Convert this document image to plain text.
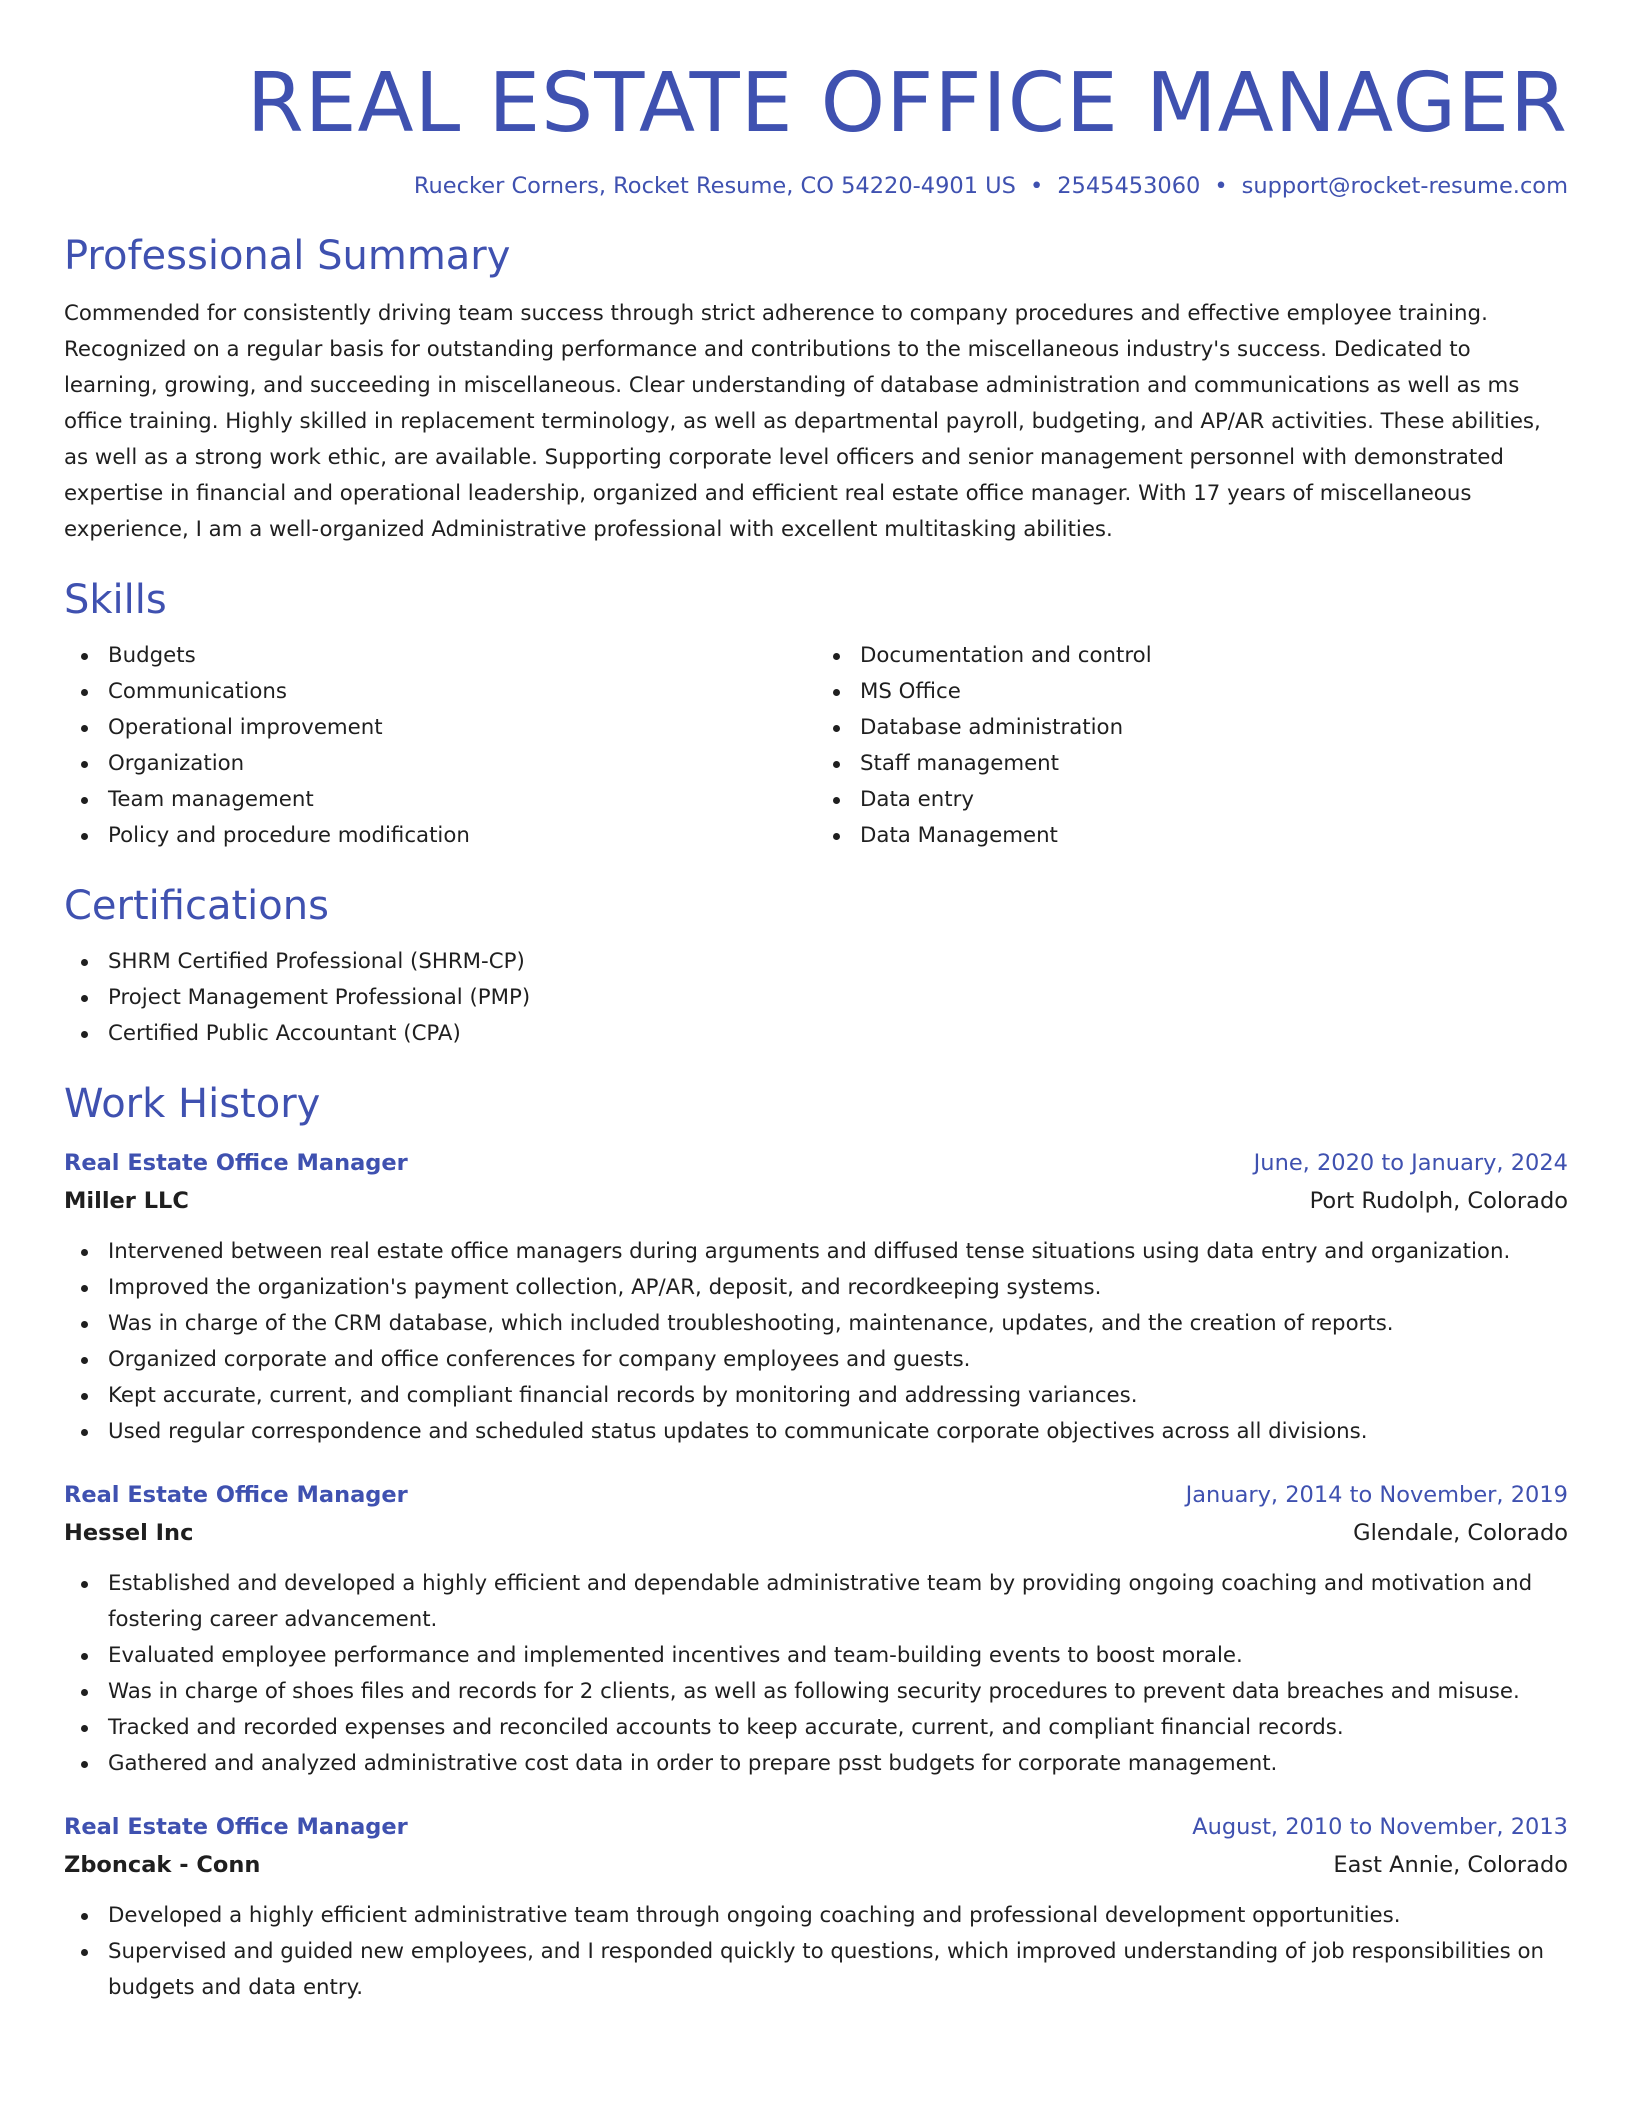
REAL ESTATE OFFICE MANAGER
Ruecker Corners, Rocket Resume, CO 54220-4901 US • 2545453060 • support@rocket-resume.com
Professional Summary
Commended for consistently driving team success through strict adherence to company procedures and effective employee training. Recognized on a regular basis for outstanding performance and contributions to the miscellaneous industry's success. Dedicated to learning, growing, and succeeding in miscellaneous. Clear understanding of database administration and communications as well as ms office training. Highly skilled in replacement terminology, as well as departmental payroll, budgeting, and AP/AR activities. These abilities, as well as a strong work ethic, are available. Supporting corporate level officers and senior management personnel with demonstrated expertise in financial and operational leadership, organized and efficient real estate office manager. With 17 years of miscellaneous experience, I am a well-organized Administrative professional with excellent multitasking abilities.
Skills
Budgets
Communications
Operational improvement
Organization
Team management
Policy and procedure modification
Documentation and control
MS Office
Database administration
Staff management
Data entry
Data Management
Certifications
SHRM Certified Professional (SHRM-CP)
Project Management Professional (PMP)
Certified Public Accountant (CPA)
Work History
Real Estate Office Manager	June, 2020 to January, 2024
Miller LLC	Port Rudolph, Colorado
Intervened between real estate office managers during arguments and diffused tense situations using data entry and organization.
Improved the organization's payment collection, AP/AR, deposit, and recordkeeping systems.
Was in charge of the CRM database, which included troubleshooting, maintenance, updates, and the creation of reports.
Organized corporate and office conferences for company employees and guests.
Kept accurate, current, and compliant financial records by monitoring and addressing variances.
Used regular correspondence and scheduled status updates to communicate corporate objectives across all divisions.
Real Estate Office Manager	January, 2014 to November, 2019
Hessel Inc	Glendale, Colorado
Established and developed a highly efficient and dependable administrative team by providing ongoing coaching and motivation and fostering career advancement.
Evaluated employee performance and implemented incentives and team-building events to boost morale.
Was in charge of shoes files and records for 2 clients, as well as following security procedures to prevent data breaches and misuse.
Tracked and recorded expenses and reconciled accounts to keep accurate, current, and compliant financial records.
Gathered and analyzed administrative cost data in order to prepare psst budgets for corporate management.
Real Estate Office Manager	August, 2010 to November, 2013
Zboncak - Conn	East Annie, Colorado
Developed a highly efficient administrative team through ongoing coaching and professional development opportunities.
Supervised and guided new employees, and I responded quickly to questions, which improved understanding of job responsibilities on budgets and data entry.
